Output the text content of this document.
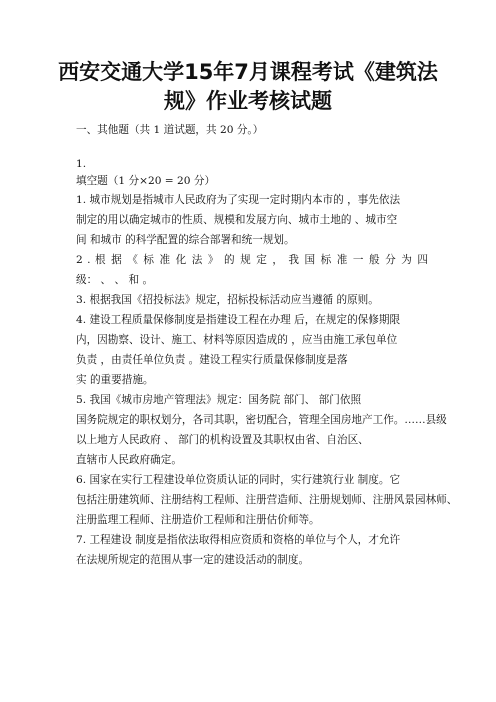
西安交通大学15年7月课程考试《建筑法
规》作业考核试题
一、其他题（共 1 道试题，共 20 分。）
1.
填空题（1 分×20 = 20 分）
1. 城市规划是指城市人民政府为了实现一定时期内本市的 ，事先依法
制定的用以确定城市的性质、规模和发展方向、城市土地的 、城市空
间 和城市 的科学配置的综合部署和统一规划。
2 . 根 据 《 标 准 化 法 》 的 规 定 ， 我 国 标 准 一 般 分 为 四
级： 、 、 和 。
3. 根据我国《招投标法》规定，招标投标活动应当遵循 的原则。
4. 建设工程质量保修制度是指建设工程在办理 后，在规定的保修期限
内，因勘察、设计、施工、材料等原因造成的 ，应当由施工承包单位
负责 ，由责任单位负责 。建设工程实行质量保修制度是落
实 的重要措施。
5. 我国《城市房地产管理法》规定：国务院 部门、 部门依照
国务院规定的职权划分，各司其职，密切配合，管理全国房地产工作。……县级
以上地方人民政府 、 部门的机构设置及其职权由省、自治区、
直辖市人民政府确定。
6. 国家在实行工程建设单位资质认证的同时，实行建筑行业 制度。它
包括注册建筑师、注册结构工程师、注册营造师、注册规划师、注册风景园林师、
注册监理工程师、注册造价工程师和注册估价师等。
7. 工程建设 制度是指依法取得相应资质和资格的单位与个人，才允许
在法规所规定的范围从事一定的建设活动的制度。
